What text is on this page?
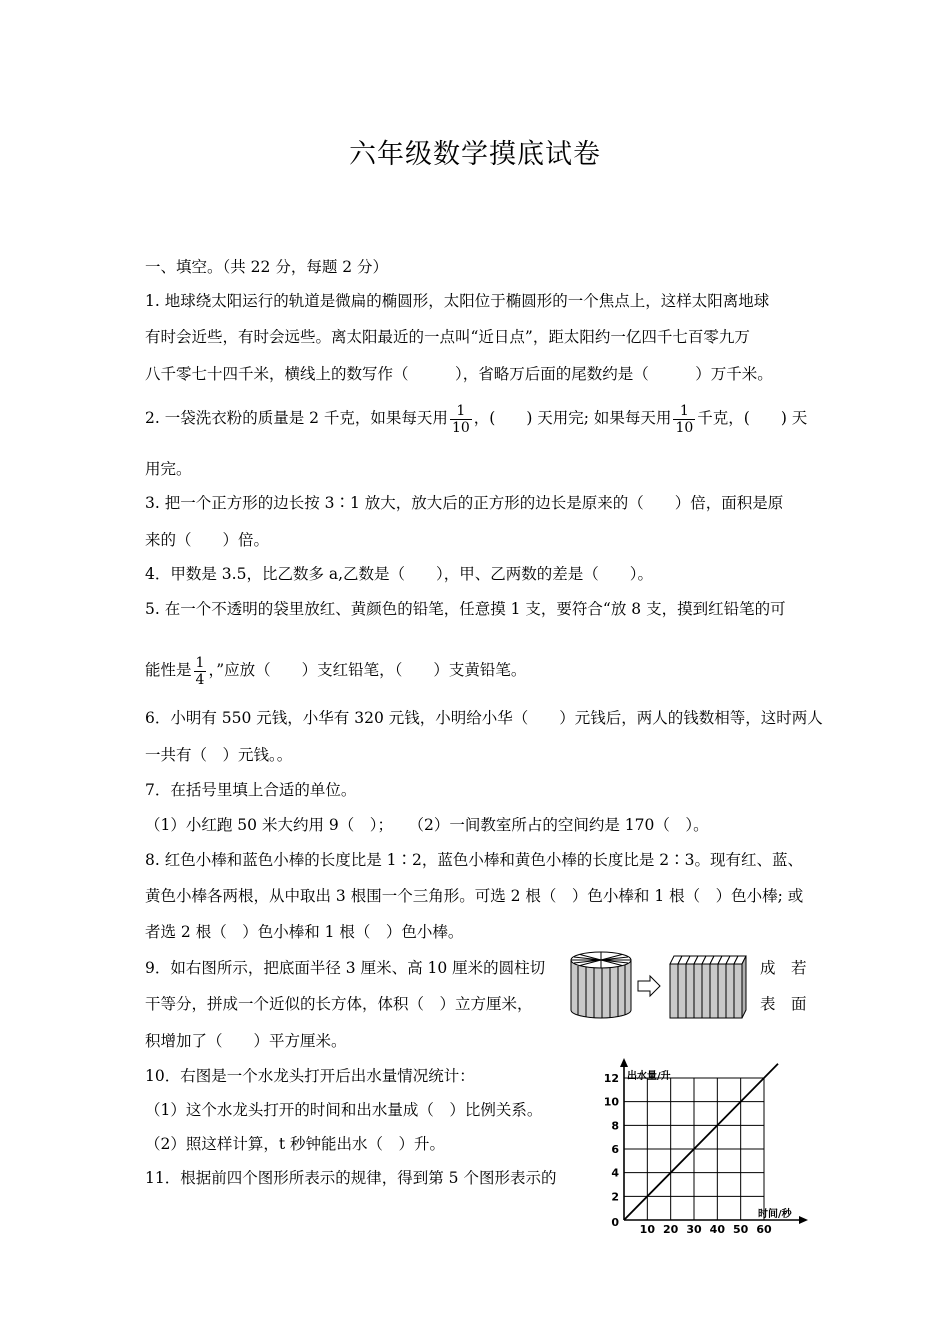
六年级数学摸底试卷
一、填空。（共 22 分，每题 2 分）
1. 地球绕太阳运行的轨道是微扁的椭圆形，太阳位于椭圆形的一个焦点上，这样太阳离地球
有时会近些，有时会远些。离太阳最近的一点叫“近日点”，距太阳约一亿四千七百零九万
八千零七十四千米，横线上的数写作（　　　），省略万后面的尾数约是（　　　）万千米。
2. 一袋洗衣粉的质量是 2 千克，如果每天用 $\frac{1}{10}$ ，(　　) 天用完; 如果每天用 $\frac{1}{10}$ 千克，(　　) 天
用完。
3. 把一个正方形的边长按 3∶1 放大，放大后的正方形的边长是原来的（　　）倍，面积是原
来的（　　）倍。
4．甲数是 3.5，比乙数多 a,乙数是（　　），甲、乙两数的差是（　　）。
5. 在一个不透明的袋里放红、黄颜色的铅笔，任意摸 1 支，要符合“放 8 支，摸到红铅笔的可
能性是 $\frac{1}{4}$ ，”应放（　　）支红铅笔，（　　）支黄铅笔。
6．小明有 550 元钱，小华有 320 元钱，小明给小华（　　）元钱后，两人的钱数相等，这时两人
一共有（　）元钱。。
7．在括号里填上合适的单位。
（1）小红跑 50 米大约用 9（　）；　　（2）一间教室所占的空间约是 170（　）。
8. 红色小棒和蓝色小棒的长度比是 1∶2，蓝色小棒和黄色小棒的长度比是 2∶3。现有红、蓝、
黄色小棒各两根，从中取出 3 根围一个三角形。可选 2 根（　）色小棒和 1 根（　）色小棒; 或
者选 2 根（　）色小棒和 1 根（　）色小棒。
9．如右图所示，把底面半径 3 厘米、高 10 厘米的圆柱切	成　若
干等分，拼成一个近似的长方体，体积（　）立方厘米，	表　面
积增加了（　　）平方厘米。
10．右图是一个水龙头打开后出水量情况统计：
（1）这个水龙头打开的时间和出水量成（　）比例关系。
（2）照这样计算，t 秒钟能出水（　）升。
11．根据前四个图形所表示的规律，得到第 5 个图形表示的
10 20 30 40 50 60
2
4
6
8
10
12
0
出水量/升
时间/秒
